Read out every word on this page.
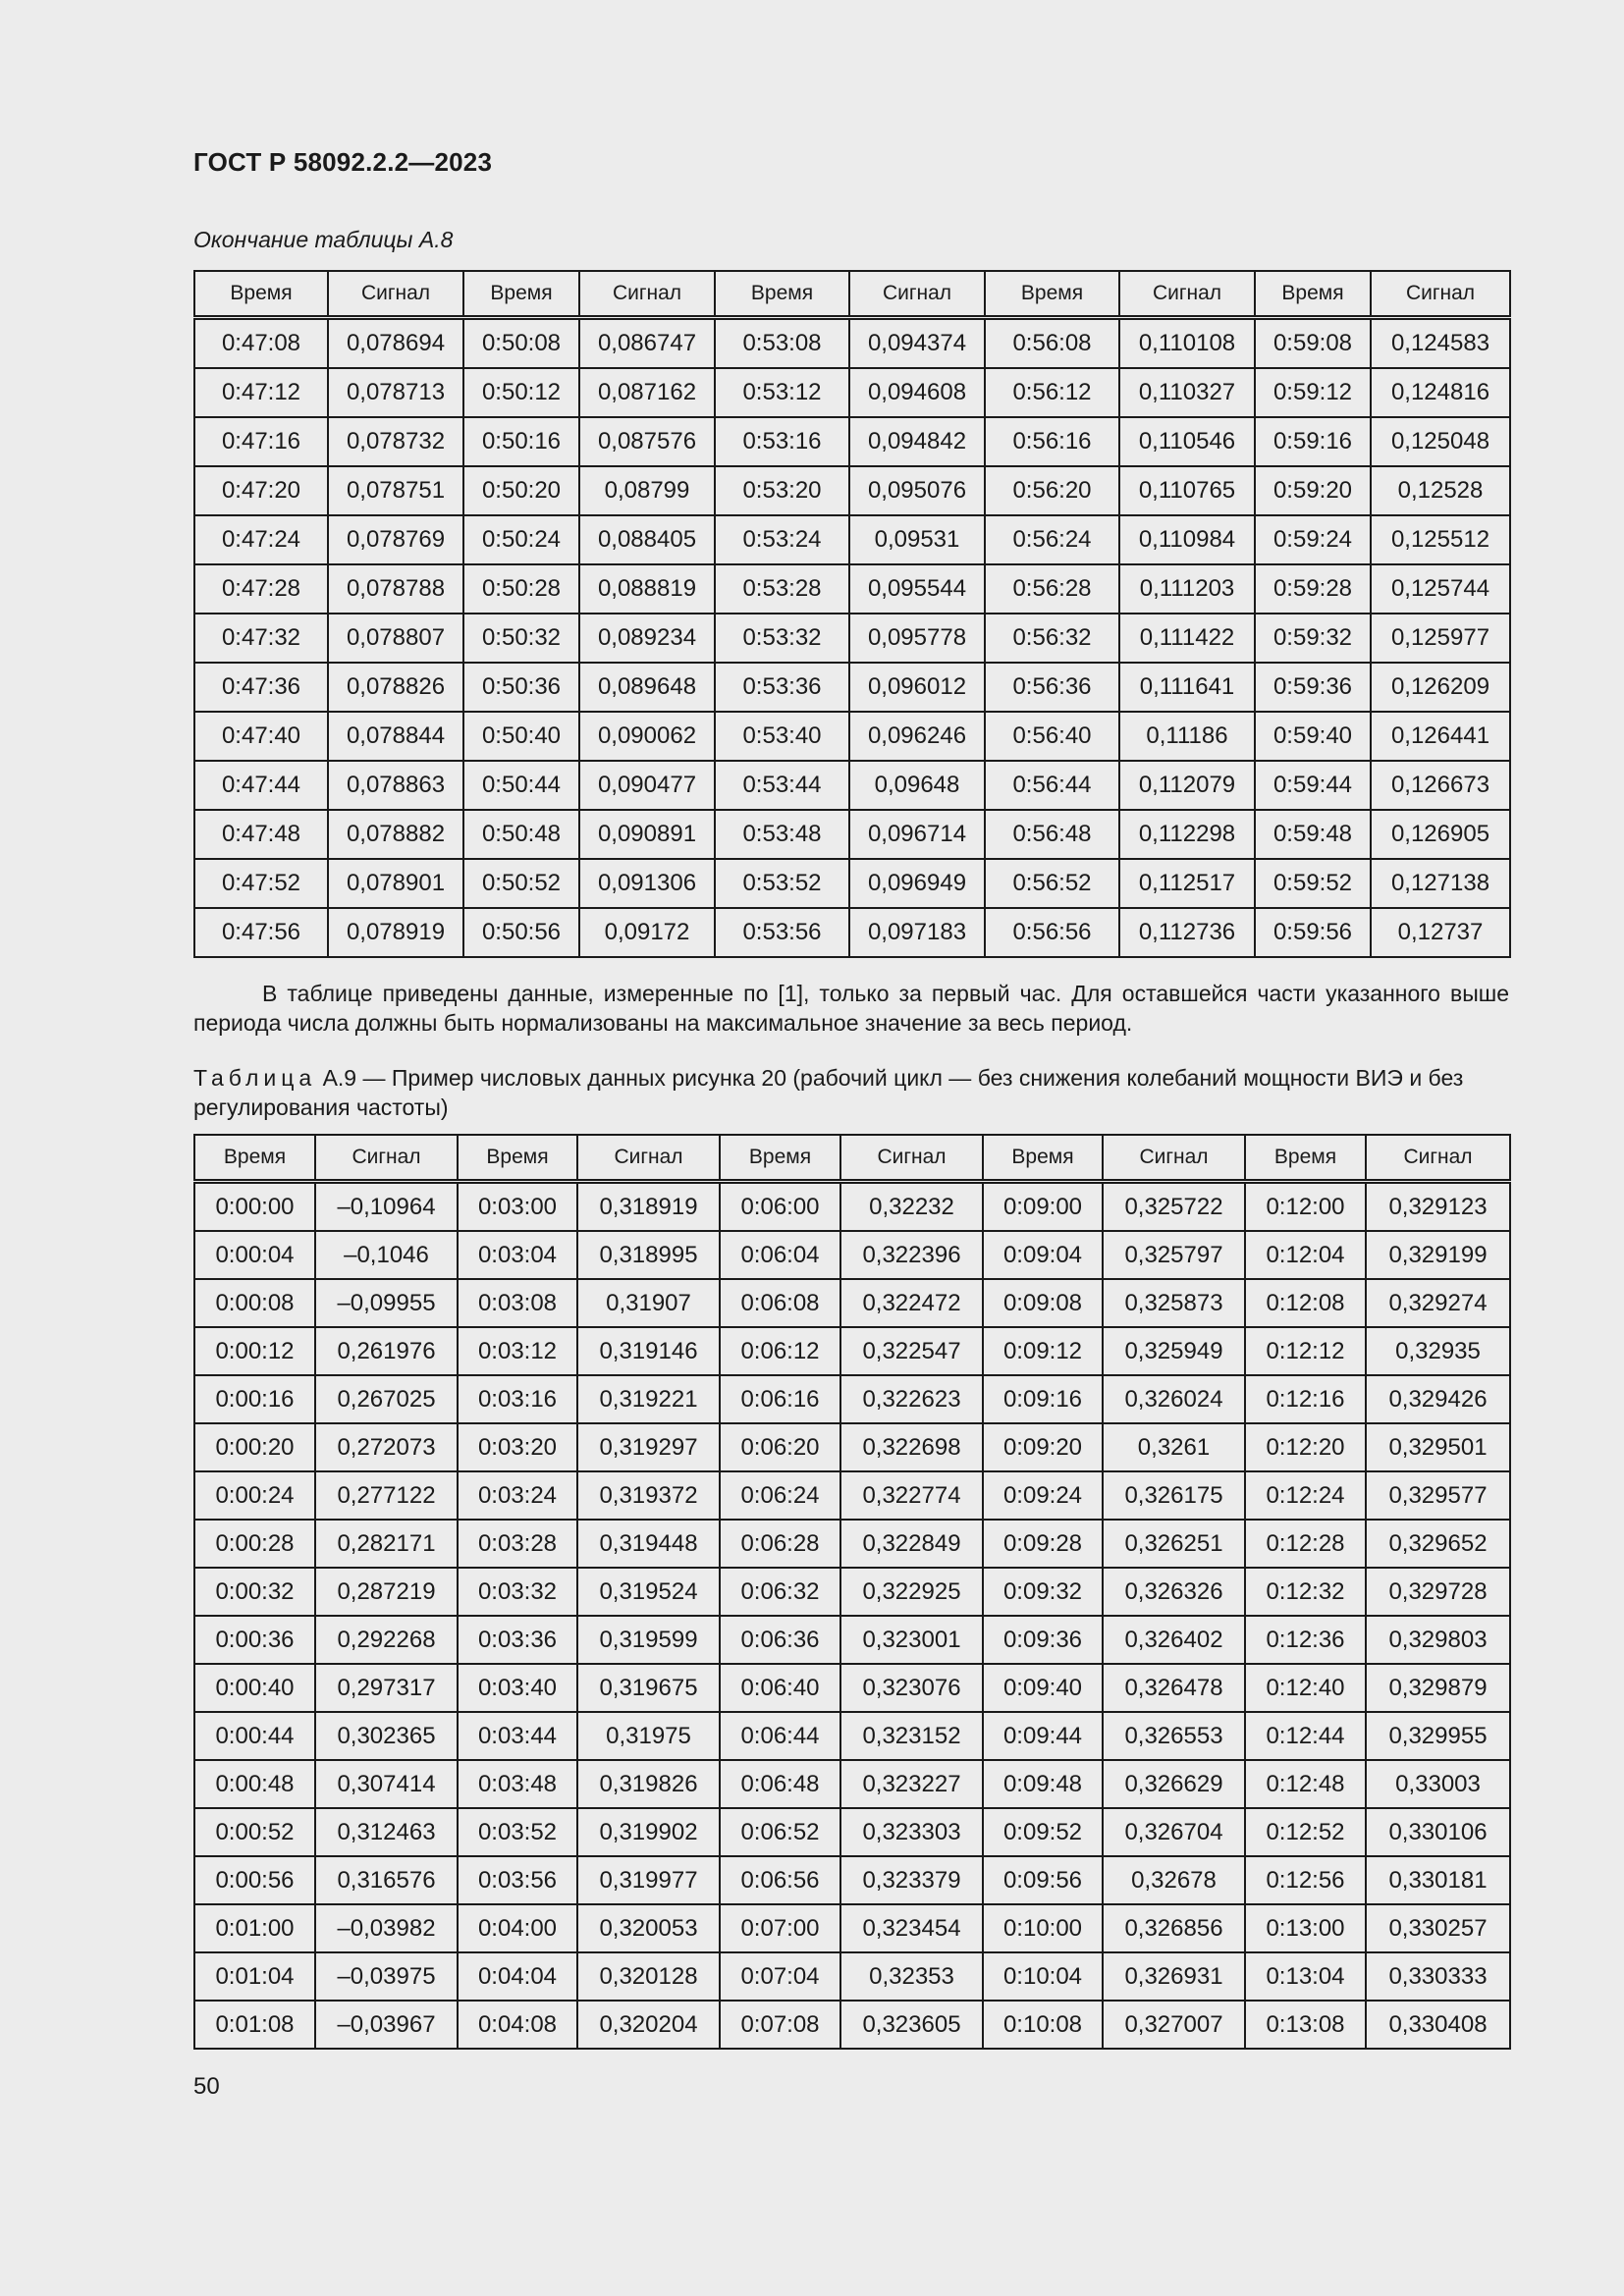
ГОСТ Р 58092.2.2—2023
Окончание таблицы А.8
Время	Сигнал	Время	Сигнал	Время	Сигнал	Время	Сигнал	Время	Сигнал
0:47:08	0,078694	0:50:08	0,086747	0:53:08	0,094374	0:56:08	0,110108	0:59:08	0,124583
0:47:12	0,078713	0:50:12	0,087162	0:53:12	0,094608	0:56:12	0,110327	0:59:12	0,124816
0:47:16	0,078732	0:50:16	0,087576	0:53:16	0,094842	0:56:16	0,110546	0:59:16	0,125048
0:47:20	0,078751	0:50:20	0,08799	0:53:20	0,095076	0:56:20	0,110765	0:59:20	0,12528
0:47:24	0,078769	0:50:24	0,088405	0:53:24	0,09531	0:56:24	0,110984	0:59:24	0,125512
0:47:28	0,078788	0:50:28	0,088819	0:53:28	0,095544	0:56:28	0,111203	0:59:28	0,125744
0:47:32	0,078807	0:50:32	0,089234	0:53:32	0,095778	0:56:32	0,111422	0:59:32	0,125977
0:47:36	0,078826	0:50:36	0,089648	0:53:36	0,096012	0:56:36	0,111641	0:59:36	0,126209
0:47:40	0,078844	0:50:40	0,090062	0:53:40	0,096246	0:56:40	0,11186	0:59:40	0,126441
0:47:44	0,078863	0:50:44	0,090477	0:53:44	0,09648	0:56:44	0,112079	0:59:44	0,126673
0:47:48	0,078882	0:50:48	0,090891	0:53:48	0,096714	0:56:48	0,112298	0:59:48	0,126905
0:47:52	0,078901	0:50:52	0,091306	0:53:52	0,096949	0:56:52	0,112517	0:59:52	0,127138
0:47:56	0,078919	0:50:56	0,09172	0:53:56	0,097183	0:56:56	0,112736	0:59:56	0,12737
В таблице приведены данные, измеренные по [1], только за первый час. Для оставшейся части указанного выше периода числа должны быть нормализованы на максимальное значение за весь период.
Таблица А.9 — Пример числовых данных рисунка 20 (рабочий цикл — без снижения колебаний мощности ВИЭ и без регулирования частоты)
Время	Сигнал	Время	Сигнал	Время	Сигнал	Время	Сигнал	Время	Сигнал
0:00:00	–0,10964	0:03:00	0,318919	0:06:00	0,32232	0:09:00	0,325722	0:12:00	0,329123
0:00:04	–0,1046	0:03:04	0,318995	0:06:04	0,322396	0:09:04	0,325797	0:12:04	0,329199
0:00:08	–0,09955	0:03:08	0,31907	0:06:08	0,322472	0:09:08	0,325873	0:12:08	0,329274
0:00:12	0,261976	0:03:12	0,319146	0:06:12	0,322547	0:09:12	0,325949	0:12:12	0,32935
0:00:16	0,267025	0:03:16	0,319221	0:06:16	0,322623	0:09:16	0,326024	0:12:16	0,329426
0:00:20	0,272073	0:03:20	0,319297	0:06:20	0,322698	0:09:20	0,3261	0:12:20	0,329501
0:00:24	0,277122	0:03:24	0,319372	0:06:24	0,322774	0:09:24	0,326175	0:12:24	0,329577
0:00:28	0,282171	0:03:28	0,319448	0:06:28	0,322849	0:09:28	0,326251	0:12:28	0,329652
0:00:32	0,287219	0:03:32	0,319524	0:06:32	0,322925	0:09:32	0,326326	0:12:32	0,329728
0:00:36	0,292268	0:03:36	0,319599	0:06:36	0,323001	0:09:36	0,326402	0:12:36	0,329803
0:00:40	0,297317	0:03:40	0,319675	0:06:40	0,323076	0:09:40	0,326478	0:12:40	0,329879
0:00:44	0,302365	0:03:44	0,31975	0:06:44	0,323152	0:09:44	0,326553	0:12:44	0,329955
0:00:48	0,307414	0:03:48	0,319826	0:06:48	0,323227	0:09:48	0,326629	0:12:48	0,33003
0:00:52	0,312463	0:03:52	0,319902	0:06:52	0,323303	0:09:52	0,326704	0:12:52	0,330106
0:00:56	0,316576	0:03:56	0,319977	0:06:56	0,323379	0:09:56	0,32678	0:12:56	0,330181
0:01:00	–0,03982	0:04:00	0,320053	0:07:00	0,323454	0:10:00	0,326856	0:13:00	0,330257
0:01:04	–0,03975	0:04:04	0,320128	0:07:04	0,32353	0:10:04	0,326931	0:13:04	0,330333
0:01:08	–0,03967	0:04:08	0,320204	0:07:08	0,323605	0:10:08	0,327007	0:13:08	0,330408
50
